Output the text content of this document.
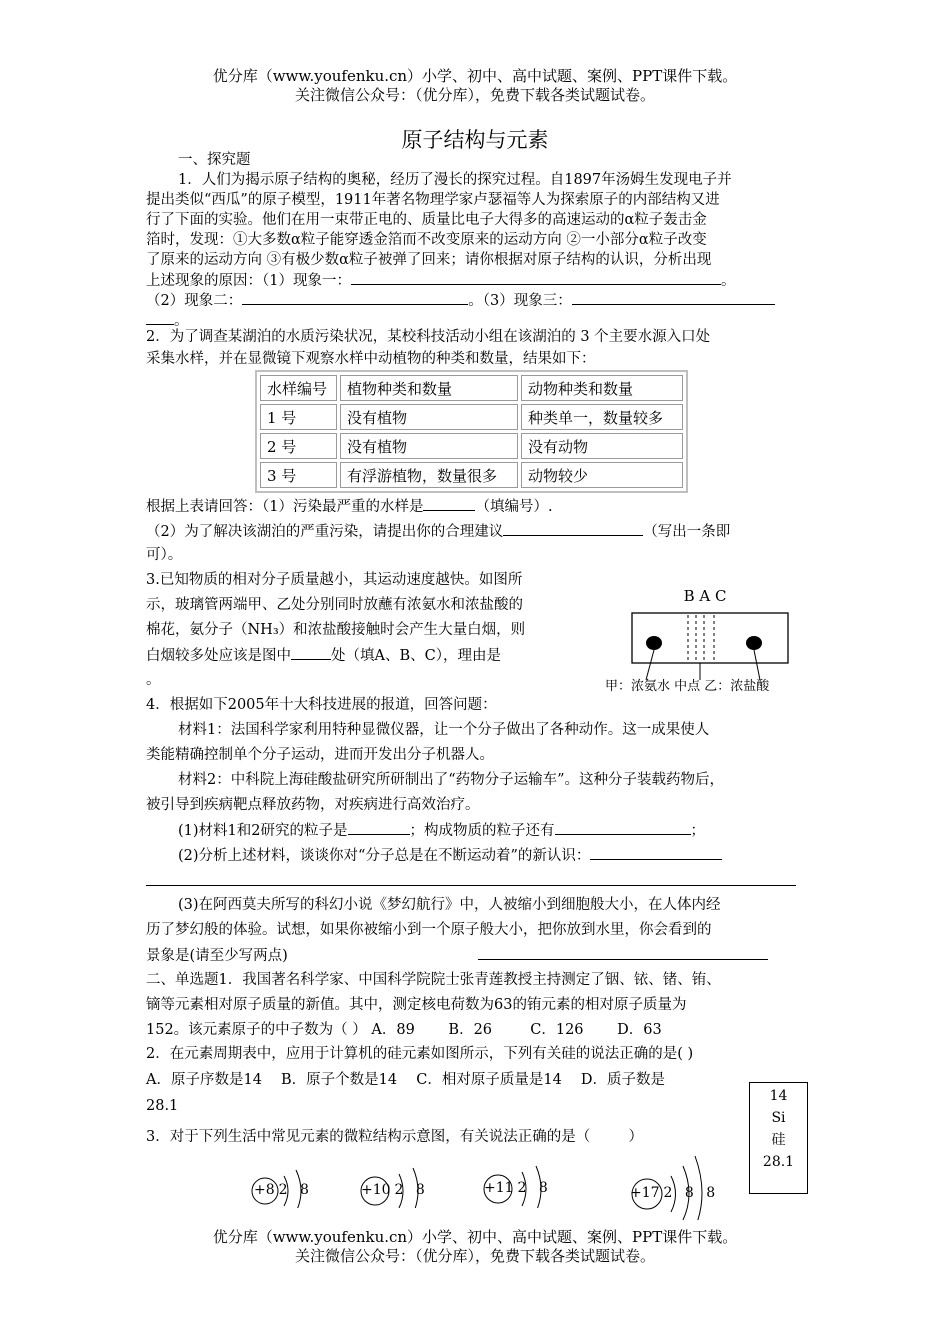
优分库（www.youfenku.cn）小学、初中、高中试题、案例、PPT课件下载。
关注微信公众号：（优分库），免费下载各类试题试卷。
原子结构与元素
一、探究题
1．人们为揭示原子结构的奥秘，经历了漫长的探究过程。自1897年汤姆生发现电子并
提出类似“西瓜”的原子模型，1911年著名物理学家卢瑟福等人为探索原子的内部结构又进
行了下面的实验。他们在用一束带正电的、质量比电子大得多的高速运动的α粒子轰击金
箔时，发现：①大多数α粒子能穿透金箔而不改变原来的运动方向 ②一小部分α粒子改变
了原来的运动方向 ③有极少数α粒子被弹了回来；请你根据对原子结构的认识，分析出现
上述现象的原因：（1）现象一：	。
（2）现象二：	。（3）现象三：
。
2．为了调查某湖泊的水质污染状况，某校科技活动小组在该湖泊的 3 个主要水源入口处
采集水样，并在显微镜下观察水样中动植物的种类和数量，结果如下：
水样编号	植物种类和数量	动物种类和数量
1 号	没有植物	种类单一，数量较多
2 号	没有植物	没有动物
3 号	有浮游植物，数量很多	动物较少
根据上表请回答：（1）污染最严重的水样是	（填编号）.
（2）为了解决该湖泊的严重污染，请提出你的合理建议	（写出一条即
可）。
3.已知物质的相对分子质量越小，其运动速度越快。如图所
示，玻璃管两端甲、乙处分别同时放蘸有浓氨水和浓盐酸的
棉花，氨分子（NH₃）和浓盐酸接触时会产生大量白烟，则
白烟较多处应该是图中	处（填A、B、C），理由是
。
B A C
甲：浓氨水 中点 乙：浓盐酸
4．根据如下2005年十大科技进展的报道，回答问题：
材料1：法国科学家利用特种显微仪器，让一个分子做出了各种动作。这一成果使人
类能精确控制单个分子运动，进而开发出分子机器人。
材料2：中科院上海硅酸盐研究所研制出了“药物分子运输车”。这种分子装载药物后，
被引导到疾病靶点释放药物，对疾病进行高效治疗。
(1)材料1和2研究的粒子是	；构成物质的粒子还有	；
(2)分析上述材料，谈谈你对“分子总是在不断运动着”的新认识：
(3)在阿西莫夫所写的科幻小说《梦幻航行》中，人被缩小到细胞般大小，在人体内经
历了梦幻般的体验。试想，如果你被缩小到一个原子般大小，把你放到水里，你会看到的
景象是(请至少写两点)
二、单选题1．我国著名科学家、中国科学院院士张青莲教授主持测定了铟、铱、锗、铕、
镝等元素相对原子质量的新值。其中，测定核电荷数为63的铕元素的相对原子质量为
152。该元素原子的中子数为（ ） A．89 　　B．26 　　 C．126 　　D．63
2．在元素周期表中，应用于计算机的硅元素如图所示，下列有关硅的说法正确的是( )
A．原子序数是14 　B．原子个数是14 　C．相对原子质量是14 　D．质子数是
28.1
14
Si
硅
28.1
3．对于下列生活中常见元素的微粒结构示意图，有关说法正确的是（ 　　 ）
+8 2 8	+10 2 8	+11 2 8	+17 2 8 8
优分库（www.youfenku.cn）小学、初中、高中试题、案例、PPT课件下载。
关注微信公众号：（优分库），免费下载各类试题试卷。
